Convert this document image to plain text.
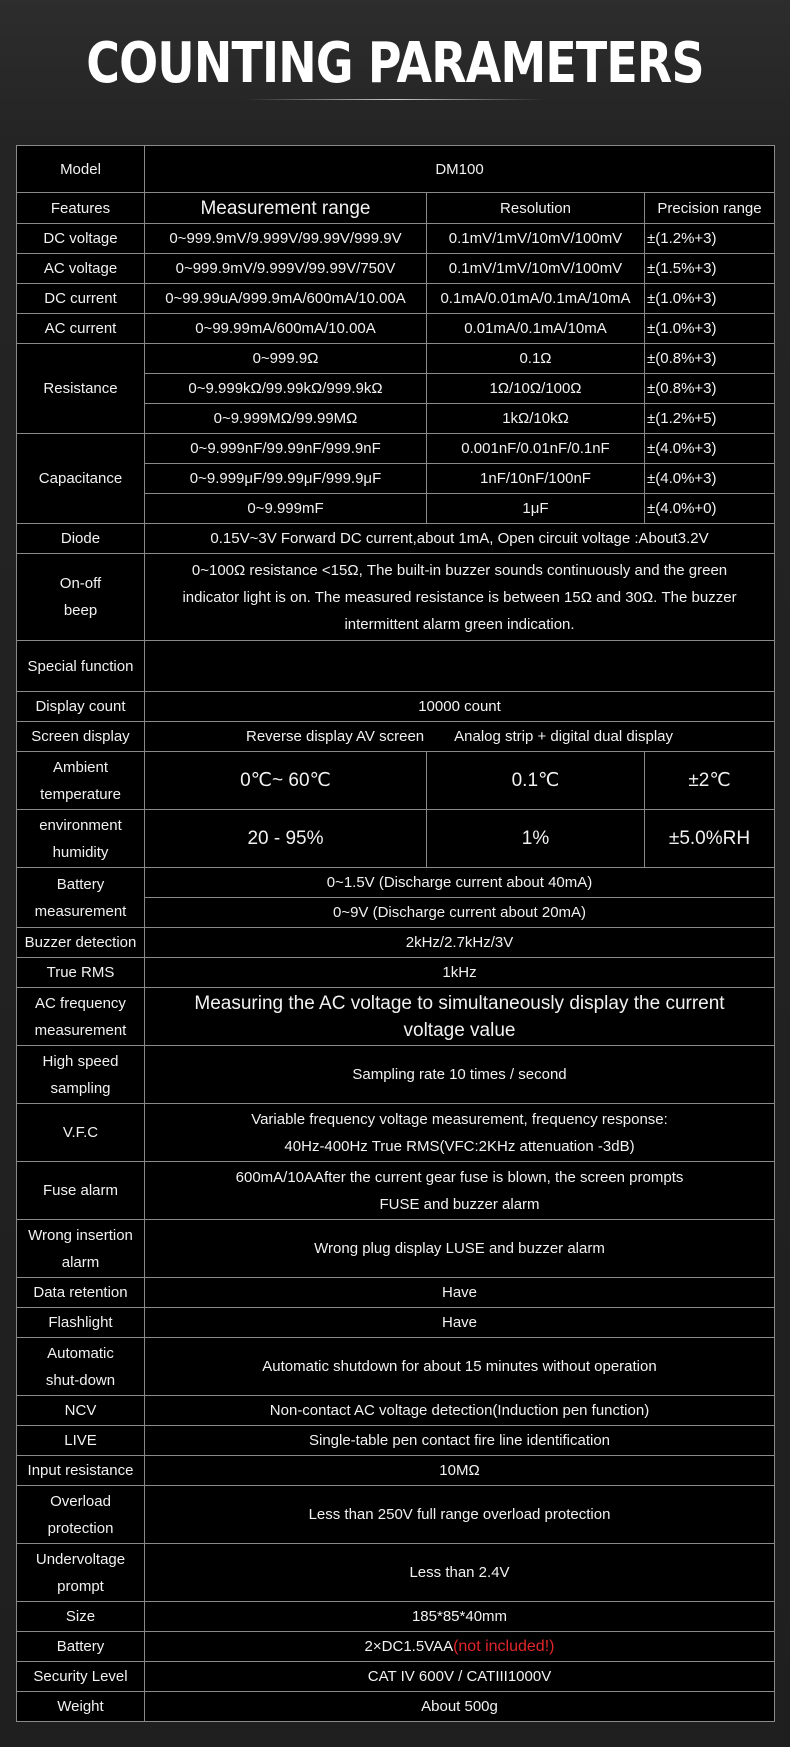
COUNTING PARAMETERS
Model	DM100		
Features	Measurement range	Resolution	Precision range
DC voltage	0~999.9mV/9.999V/99.99V/999.9V	0.1mV/1mV/10mV/100mV	±(1.2%+3)
AC voltage	0~999.9mV/9.999V/99.99V/750V	0.1mV/1mV/10mV/100mV	±(1.5%+3)
DC current	0~99.99uA/999.9mA/600mA/10.00A	0.1mA/0.01mA/0.1mA/10mA	±(1.0%+3)
AC current	0~99.99mA/600mA/10.00A	0.01mA/0.1mA/10mA	±(1.0%+3)
Resistance	0~999.9Ω	0.1Ω	±(0.8%+3)
	0~9.999kΩ/99.99kΩ/999.9kΩ	1Ω/10Ω/100Ω	±(0.8%+3)
	0~9.999MΩ/99.99MΩ	1kΩ/10kΩ	±(1.2%+5)
Capacitance	0~9.999nF/99.99nF/999.9nF	0.001nF/0.01nF/0.1nF	±(4.0%+3)
	0~9.999μF/99.99μF/999.9μF	1nF/10nF/100nF	±(4.0%+3)
	0~9.999mF	1μF	±(4.0%+0)
Diode	0.15V~3V Forward DC current,about 1mA, Open circuit voltage :About3.2V		
On-off
beep	0~100Ω resistance <15Ω, The built-in buzzer sounds continuously and the green
indicator light is on. The measured resistance is between 15Ω and 30Ω. The buzzer
intermittent alarm green indication.		
Special function			
Display count	10000 count		
Screen display	Reverse display AV screen Analog strip + digital dual display		
Ambient
temperature	0℃~ 60℃	0.1℃	±2℃
environment
humidity	20 - 95%	1%	±5.0%RH
Battery
measurement	0~1.5V (Discharge current about 40mA)		
	0~9V (Discharge current about 20mA)		
Buzzer detection	2kHz/2.7kHz/3V		
True RMS	1kHz		
AC frequency
measurement	Measuring the AC voltage to simultaneously display the current
voltage value		
High speed
sampling	Sampling rate 10 times / second		
V.F.C	Variable frequency voltage measurement, frequency response:
40Hz-400Hz True RMS(VFC:2KHz attenuation -3dB)		
Fuse alarm	600mA/10AAfter the current gear fuse is blown, the screen prompts
FUSE and buzzer alarm		
Wrong insertion
alarm	Wrong plug display LUSE and buzzer alarm		
Data retention	Have		
Flashlight	Have		
Automatic
shut-down	Automatic shutdown for about 15 minutes without operation		
NCV	Non-contact AC voltage detection(Induction pen function)		
LIVE	Single-table pen contact fire line identification		
Input resistance	10MΩ		
Overload
protection	Less than 250V full range overload protection		
Undervoltage
prompt	Less than 2.4V		
Size	185*85*40mm		
Battery	2×DC1.5VAA(not included!)		
Security Level	CAT IV 600V / CATIII1000V		
Weight	About 500g		
